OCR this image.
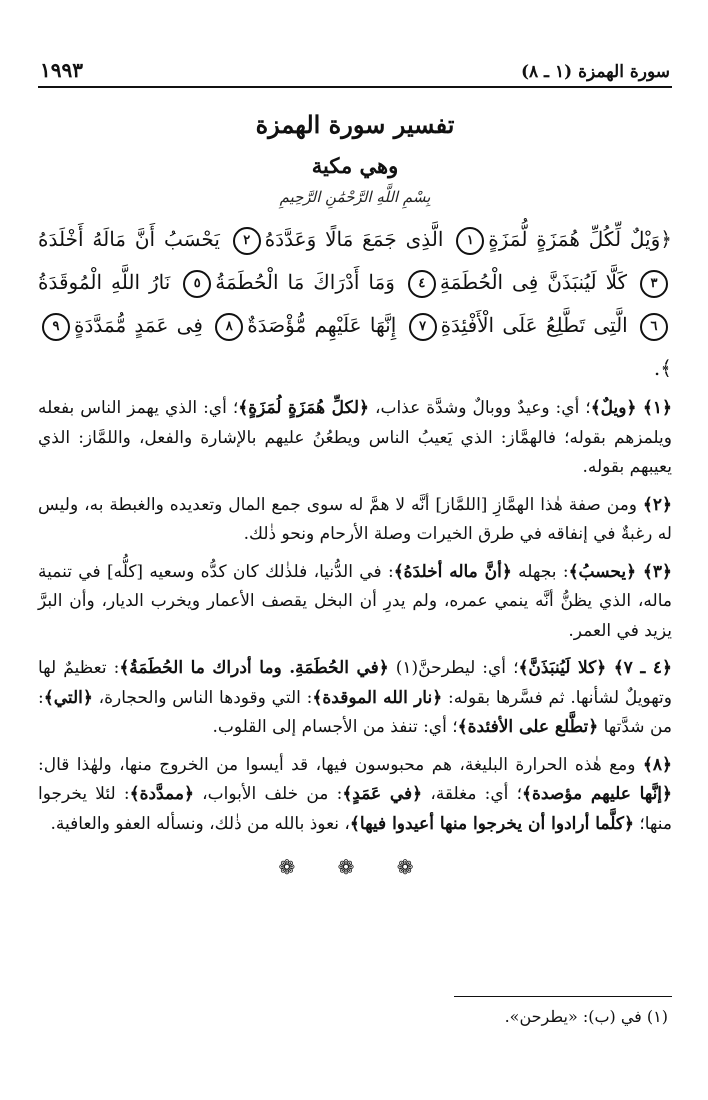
سورة الهمزة (١ ـ ٨)
١٩٩٣
تفسير سورة الهمزة
وهي مكية
بِسْمِ اللَّهِ الرَّحْمَٰنِ الرَّحِيمِ
﴿وَيْلٌ لِّكُلِّ هُمَزَةٍ لُّمَزَةٍ١ الَّذِى جَمَعَ مَالًا وَعَدَّدَهُ٢ يَحْسَبُ أَنَّ مَالَهُ أَخْلَدَهُ٣ كَلَّا لَيُنبَذَنَّ فِى الْحُطَمَةِ٤ وَمَا أَدْرَاكَ مَا الْحُطَمَةُ٥ نَارُ اللَّهِ الْمُوقَدَةُ٦ الَّتِى تَطَّلِعُ عَلَى الْأَفْئِدَةِ٧ إِنَّهَا عَلَيْهِم مُّؤْصَدَةٌ٨ فِى عَمَدٍ مُّمَدَّدَةٍ٩ ﴾.

﴿١﴾ ﴿ويلٌ﴾؛ أي: وعيدٌ ووبالٌ وشدَّة عذاب، ﴿لكلِّ هُمَزَةٍ لُمَزَةٍ﴾؛ أي: الذي يهمز الناس بفعله ويلمزهم بقوله؛ فالهمَّاز: الذي يَعيبُ الناس ويطعُنُ عليهم بالإشارة والفعل، واللمَّاز: الذي يعيبهم بقوله.

﴿٢﴾ ومن صفة هٰذا الهمَّازِ [اللمَّاز] أنَّه لا همَّ له سوى جمع المال وتعديده والغبطة به، وليس له رغبةٌ في إنفاقه في طرق الخيرات وصلة الأرحام ونحو ذٰلك.

﴿٣﴾ ﴿يحسبُ﴾: بجهله ﴿أنَّ ماله أخلدَهُ﴾: في الدُّنيا، فلذٰلك كان كدُّه وسعيه [كلُّه] في تنمية ماله، الذي يظنُّ أنَّه ينمي عمره، ولم يدرِ أن البخل يقصف الأعمار ويخرب الديار، وأن البرَّ يزيد في العمر.

﴿٤ ـ ٧﴾ ﴿كلا لَيُنبَذَنَّ﴾؛ أي: ليطرحنَّ(١) ﴿في الحُطَمَةِ. وما أدراك ما الحُطَمَةُ﴾: تعظيمٌ لها وتهويلٌ لشأنها. ثم فسَّرها بقوله: ﴿نار الله الموقدة﴾: التي وقودها الناس والحجارة، ﴿التي﴾: من شدَّتها ﴿تطَّلع على الأفئدة﴾؛ أي: تنفذ من الأجسام إلى القلوب.

﴿٨﴾ ومع هٰذه الحرارة البليغة، هم محبوسون فيها، قد أيسوا من الخروج منها، ولهٰذا قال: ﴿إنَّها عليهم مؤصدة﴾؛ أي: مغلقة، ﴿في عَمَدٍ﴾: من خلف الأبواب، ﴿ممدَّدة﴾: لئلا يخرجوا منها؛ ﴿كلَّما أرادوا أن يخرجوا منها أعيدوا فيها﴾، نعوذ بالله من ذٰلك، ونسأله العفو والعافية.

❁ ❁ ❁
(١) في (ب): «يطرحن».
